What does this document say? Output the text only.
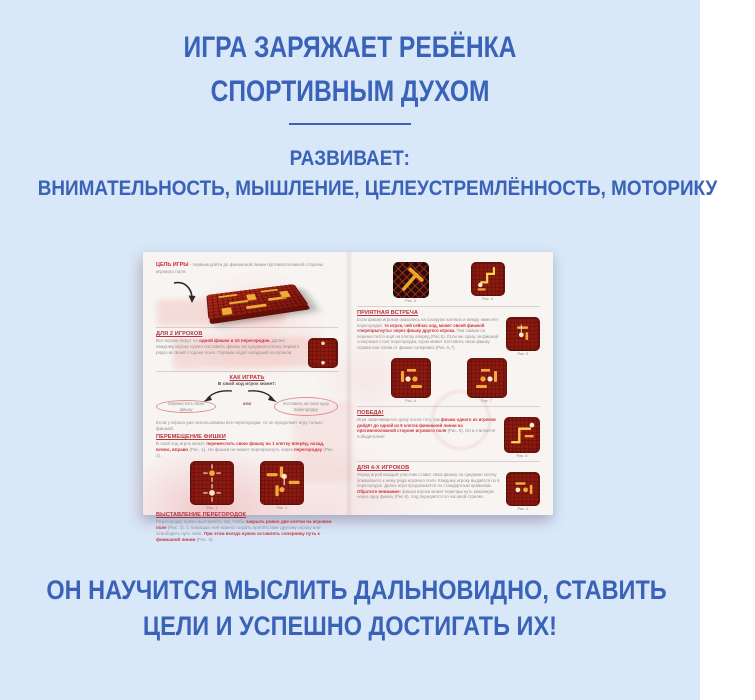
ИГРА ЗАРЯЖАЕТ РЕБЁНКА
СПОРТИВНЫМ ДУХОМ
РАЗВИВАЕТ:
ВНИМАТЕЛЬНОСТЬ, МЫШЛЕНИЕ, ЦЕЛЕУСТРЕМЛЁННОСТЬ, МОТОРИКУ

ЦЕЛЬ ИГРЫ - первым дойти до финишной линии противоположной стороны игрового поля.

ДЛЯ 2 ИГРОКОВ

Все игроки берут по одной фишке и 10 перегородок. Далее каждому игроку нужно поставить фишку на среднюю клетку первого ряда на своей стороне поля. Первым ходит младший из игроков.

КАК ИГРАТЬ

В свой ход игрок может:

переместить свою фишку
или	поставить на поле одну перегородку

Если у игрока уже использованы все перегородки, то он продолжит игру только фишкой.

ПЕРЕМЕЩЕНИЕ ФИШКИ

В свой ход игрок может переместить свою фишку на 1 клетку вперёд, назад, влево, вправо (Рис. 1). Но фишка не может перепрыгнуть через перегородку (Рис. 2).

Рис. 1	Рис. 2
ВЫСТАВЛЕНИЕ ПЕРЕГОРОДОК

Перегородку нужно выставлять так, чтобы закрыть ровно две клетки на игровом поле (Рис. 3). С помощью неё можно создать препятствие другому игроку или освободить путь себе. При этом всегда нужно оставлять сопернику путь к финишной линии (Рис. 4).

Рис. 3	Рис. 4
ПРИЯТНАЯ ВСТРЕЧА

Если фишки игроков оказались на соседних клетках и между ними нет перегородки, то игрок, чей сейчас ход, может своей фишкой «перепрыгнуть» через фишку другого игрока. Тем самым он переместится ещё на клетку вперёд (Рис.5). Если же сразу за фишкой соперника стоит перегородка, игрок может поставить свою фишку справа или слева от фишки соперника (Рис. 6,7).

Рис. 5
Рис. 6	Рис. 7
ПОБЕДА!

Игра заканчивается сразу после того, как фишка одного из игроков дойдёт до одной из 9 клеток финишной линии на противоположной стороне игрового поля (Рис. 8). Он и считается победителем!

Рис. 8
ДЛЯ 4-Х ИГРОКОВ

Перед игрой каждый участник ставит свою фишку на среднюю клетку ближайшего к нему ряда игрового поля. Каждому игроку выдаётся по 5 перегородок. Далее игра продолжается по стандартным правилам. Обратите внимание: фишка игрока может перепрыгнуть максимум через одну фишку (Рис.9). Ход передаётся по часовой стрелке.

Рис. 9
ОН НАУЧИТСЯ МЫСЛИТЬ ДАЛЬНОВИДНО, СТАВИТЬ
ЦЕЛИ И УСПЕШНО ДОСТИГАТЬ ИХ!
